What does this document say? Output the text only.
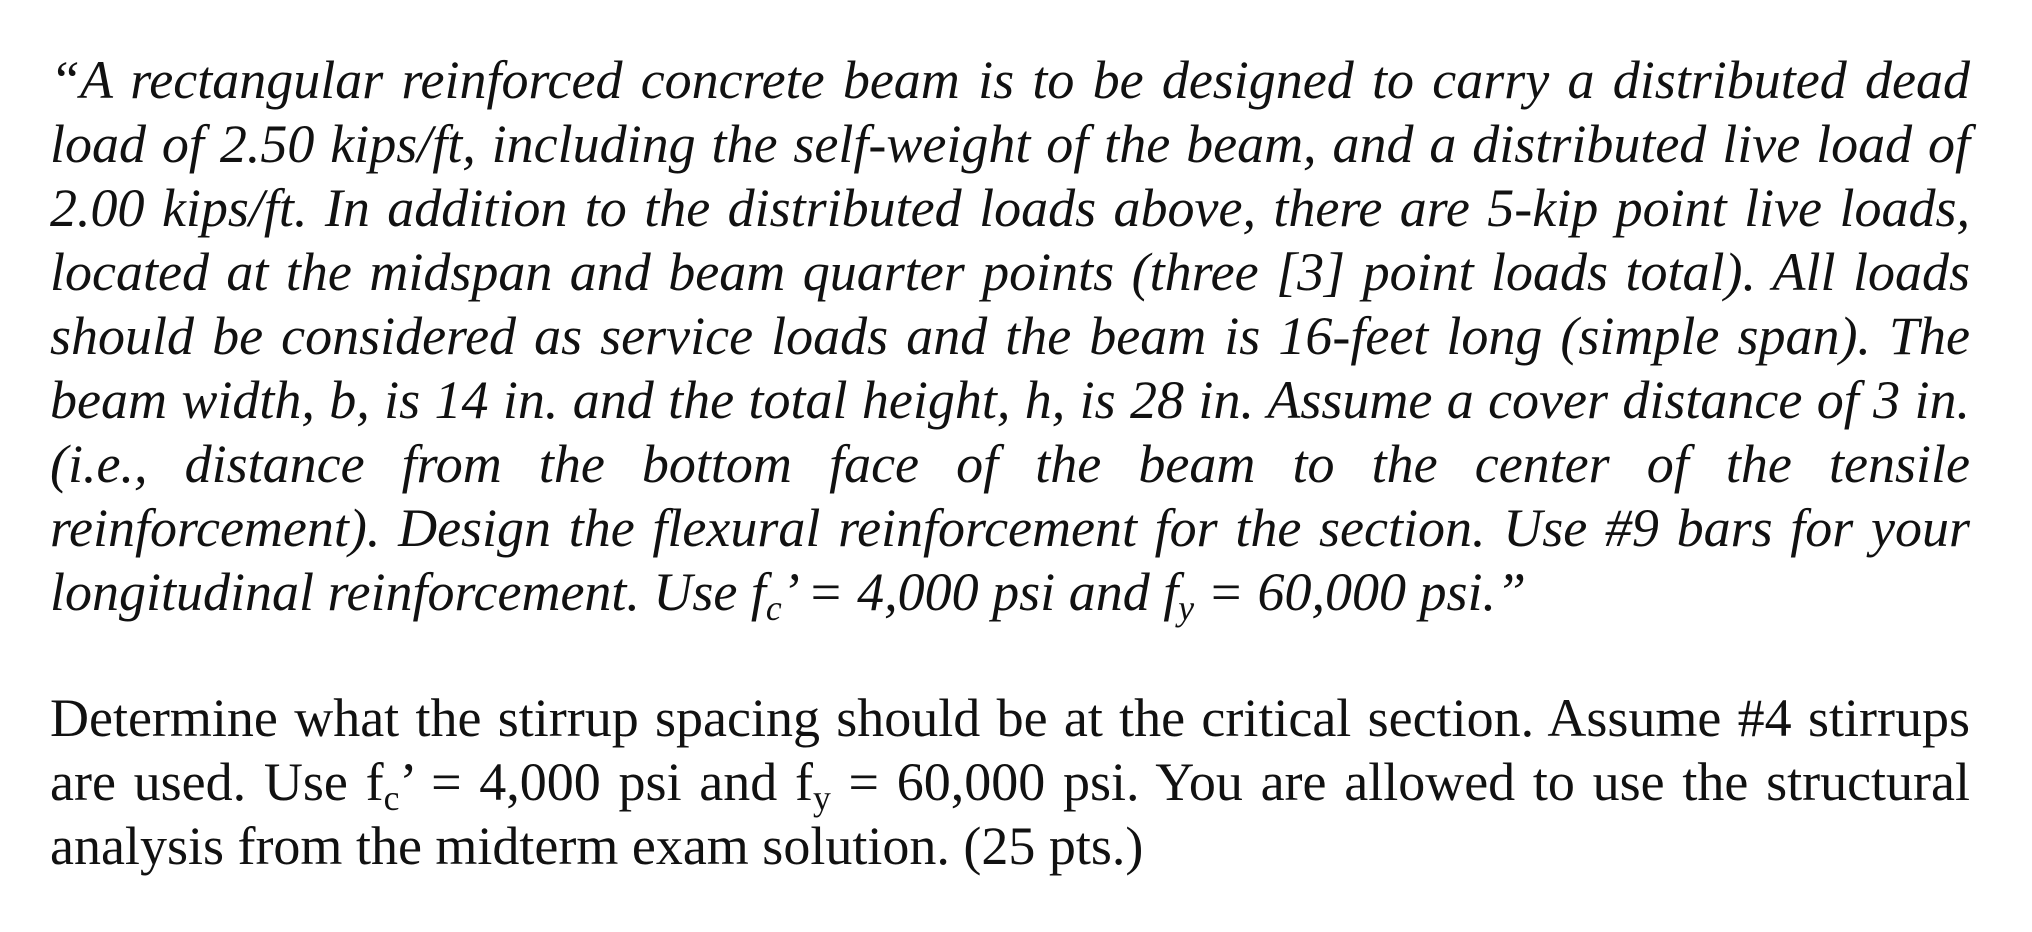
“A rectangular reinforced concrete beam is to be designed to carry a distributed dead load of 2.50 kips/ft, including the self-weight of the beam, and a distributed live load of 2.00 kips/ft. In addition to the distributed loads above, there are 5-kip point live loads, located at the midspan and beam quarter points (three [3] point loads total). All loads should be considered as service loads and the beam is 16-feet long (simple span). The beam width, b, is 14 in. and the total height, h, is 28 in. Assume a cover distance of 3 in. (i.e., distance from the bottom face of the beam to the center of the tensile reinforcement). Design the flexural reinforcement for the section. Use #9 bars for your longitudinal reinforcement. Use $f_c$’ = 4,000 psi and $f_y = 60,000$ psi.”

Determine what the stirrup spacing should be at the critical section. Assume #4 stirrups are used. Use $f_c$’ = 4,000 psi and $f_y = 60,000$ psi. You are allowed to use the structural analysis from the midterm exam solution. (25 pts.)
